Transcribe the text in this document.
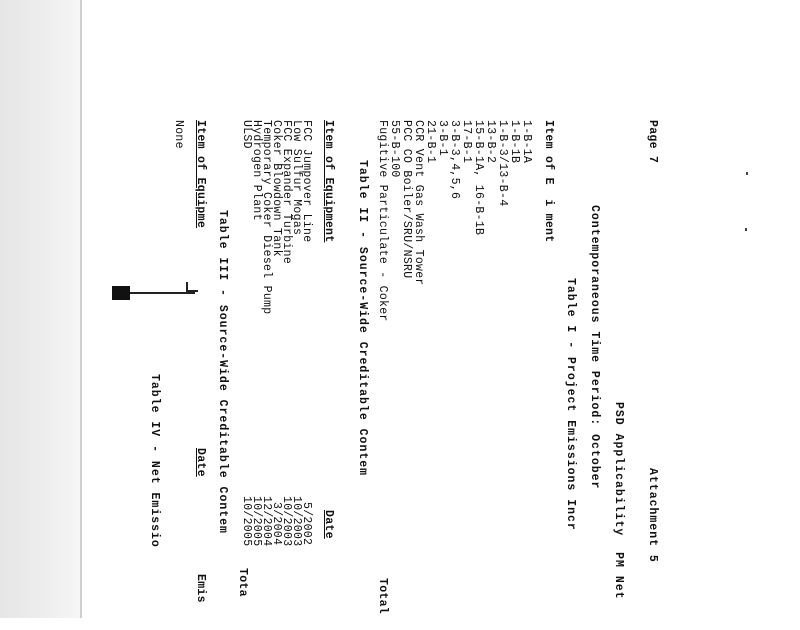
Page 7
Attachment 5
PSD Applicability  PM Net
Contemporaneous Time Period: October
Table I - Project Emissions Incr
Item of E  i ment
1-B-1A
1-B-1B
1-B-3/13-B-4
13-B-2
15-B-1A, 16-B-1B
17-B-1
3-B-3,4,5,6
3-B-1
21-B-1
CCR Vent Gas Wash Tower
PCC CO Boiler/SRU/NSRU
55-B-100
Fugitive Particulate - Coker
Total
Table II - Source-Wide Creditable Contem
Item of Equipment
Date
FCC Jumpover Line
5/2002
Low Sulfur Mogas
10/2003
FCC Expander Turbine
10/2003
Coker Blowdown Tank
3/2004
Temporary Coker Diesel Pump
12/2004
Hydrogen Plant
10/2005
ULSD
10/2005
Tota
Table III - Source-Wide Creditable Contem
Item of Equipme
Date
Emis
None
Table IV - Net Emissio
